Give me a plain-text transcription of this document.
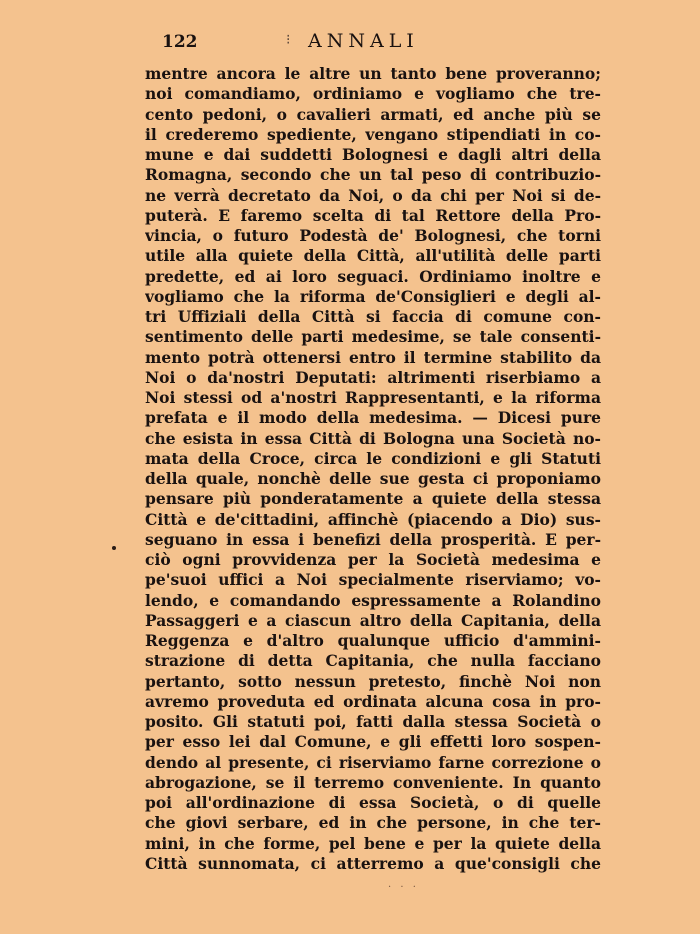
122	⁝ ANNALI
mentre ancora le altre un tanto bene proveranno;
noi comandiamo, ordiniamo e vogliamo che tre-
cento pedoni, o cavalieri armati, ed anche più se
il crederemo spediente, vengano stipendiati in co-
mune e dai suddetti Bolognesi e dagli altri della
Romagna, secondo che un tal peso di contribuzio-
ne verrà decretato da Noi, o da chi per Noi si de-
puterà. E faremo scelta di tal Rettore della Pro-
vincia, o futuro Podestà de' Bolognesi, che torni
utile alla quiete della Città, all'utilità delle parti
predette, ed ai loro seguaci. Ordiniamo inoltre e
vogliamo che la riforma de'Consiglieri e degli al-
tri Uffiziali della Città si faccia di comune con-
sentimento delle parti medesime, se tale consenti-
mento potrà ottenersi entro il termine stabilito da
Noi o da'nostri Deputati: altrimenti riserbiamo a
Noi stessi od a'nostri Rappresentanti, e la riforma
prefata e il modo della medesima. — Dicesi pure
che esista in essa Città di Bologna una Società no-
mata della Croce, circa le condizioni e gli Statuti
della quale, nonchè delle sue gesta ci proponiamo
pensare più ponderatamente a quiete della stessa
Città e de'cittadini, affinchè (piacendo a Dio) sus-
seguano in essa i benefizi della prosperità. E per-
ciò ogni provvidenza per la Società medesima e
pe'suoi uffici a Noi specialmente riserviamo; vo-
lendo, e comandando espressamente a Rolandino
Passaggeri e a ciascun altro della Capitania, della
Reggenza e d'altro qualunque ufficio d'ammini-
strazione di detta Capitania, che nulla facciano
pertanto, sotto nessun pretesto, finchè Noi non
avremo proveduta ed ordinata alcuna cosa in pro-
posito. Gli statuti poi, fatti dalla stessa Società o
per esso lei dal Comune, e gli effetti loro sospen-
dendo al presente, ci riserviamo farne correzione o
abrogazione, se il terremo conveniente. In quanto
poi all'ordinazione di essa Società, o di quelle
che giovi serbare, ed in che persone, in che ter-
mini, in che forme, pel bene e per la quiete della
Città sunnomata, ci atterremo a que'consigli che
· · ·
